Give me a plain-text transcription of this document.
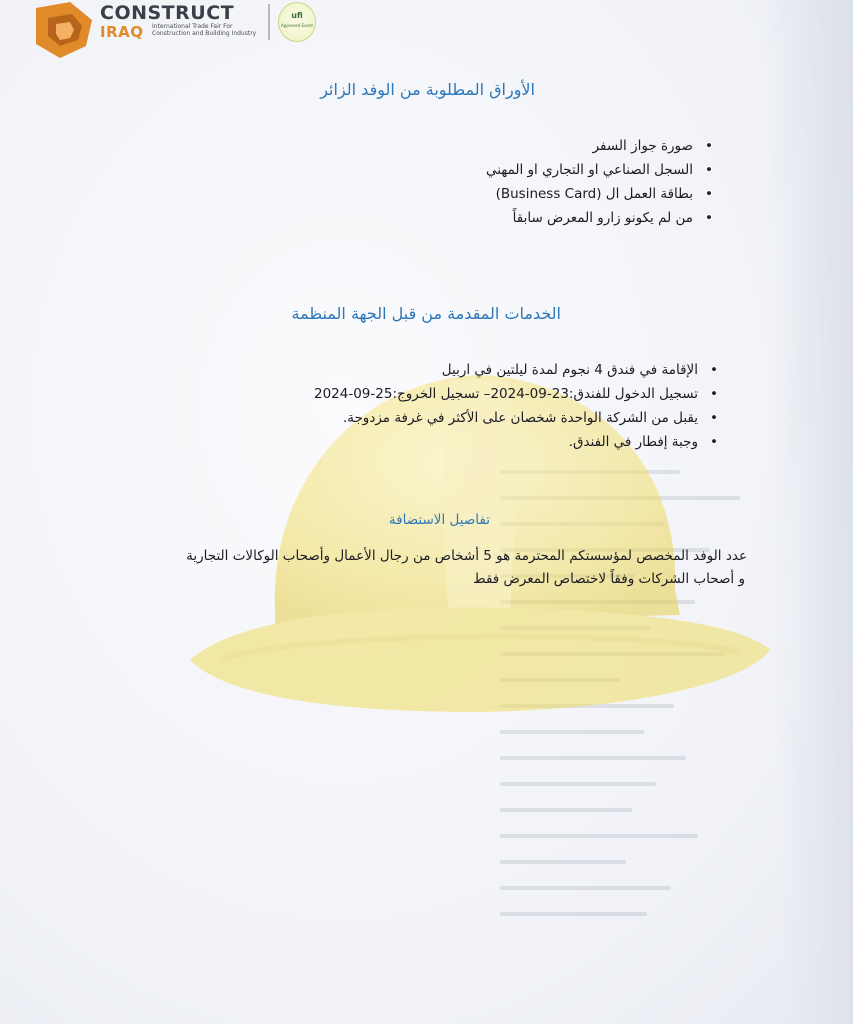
CONSTRUCT
IRAQ International Trade Fair For Construction and Building Industry
ufi
Approved Event
الأوراق المطلوبة من الوفد الزائر
•
صورة جواز السفر
•
السجل الصناعي او التجاري او المهني
•
بطاقة العمل ال (Business Card)
•
من لم يكونو زارو المعرض سابقاً
الخدمات المقدمة من قبل الجهة المنظمة
•
الإقامة في فندق 4 نجوم لمدة ليلتين في اربيل
•
تسجيل الدخول للفندق:23-09-2024– تسجيل الخروج:25-09-2024
•
يقبل من الشركة الواحدة شخصان على الأكثر في غرفة مزدوجة.
•
وجبة إفطار في الفندق.
تفاصيل الاستضافة
عدد الوفد المخصص لمؤسستكم المحترمة هو 5 أشخاص من رجال الأعمال وأصحاب الوكالات التجارية
و أصحاب الشركات وفقاً لاختصاص المعرض فقط
